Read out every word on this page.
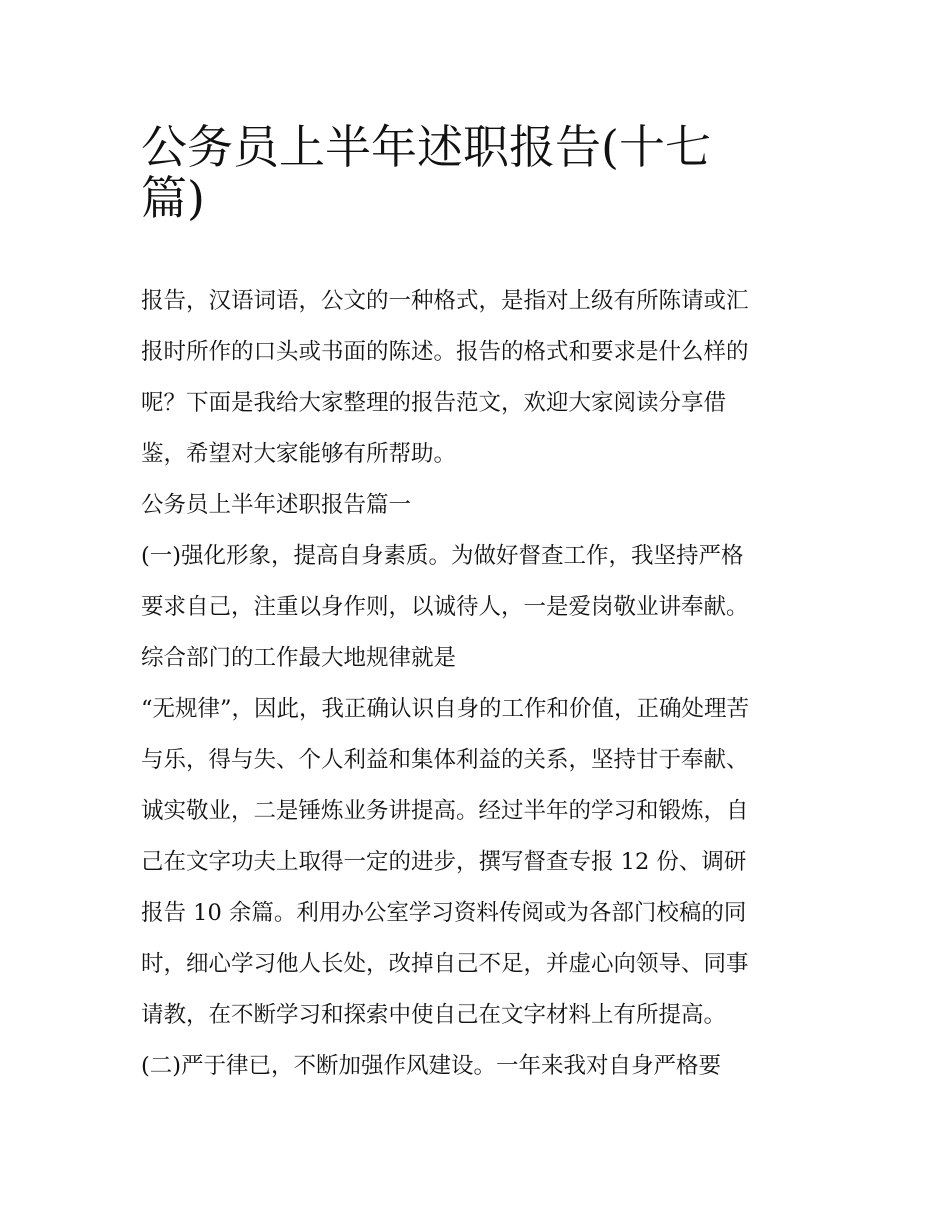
公务员上半年述职报告(十七
篇)
报告，汉语词语，公文的一种格式，是指对上级有所陈请或汇
报时所作的口头或书面的陈述。报告的格式和要求是什么样的
呢？下面是我给大家整理的报告范文，欢迎大家阅读分享借
鉴，希望对大家能够有所帮助。
公务员上半年述职报告篇一
(一)强化形象，提高自身素质。为做好督查工作，我坚持严格
要求自己，注重以身作则，以诚待人，一是爱岗敬业讲奉献。
综合部门的工作最大地规律就是
“无规律”，因此，我正确认识自身的工作和价值，正确处理苦
与乐，得与失、个人利益和集体利益的关系，坚持甘于奉献、
诚实敬业，二是锤炼业务讲提高。经过半年的学习和锻炼，自
己在文字功夫上取得一定的进步，撰写督查专报 12 份、调研
报告 10 余篇。利用办公室学习资料传阅或为各部门校稿的同
时，细心学习他人长处，改掉自己不足，并虚心向领导、同事
请教，在不断学习和探索中使自己在文字材料上有所提高。
(二)严于律已，不断加强作风建设。一年来我对自身严格要
